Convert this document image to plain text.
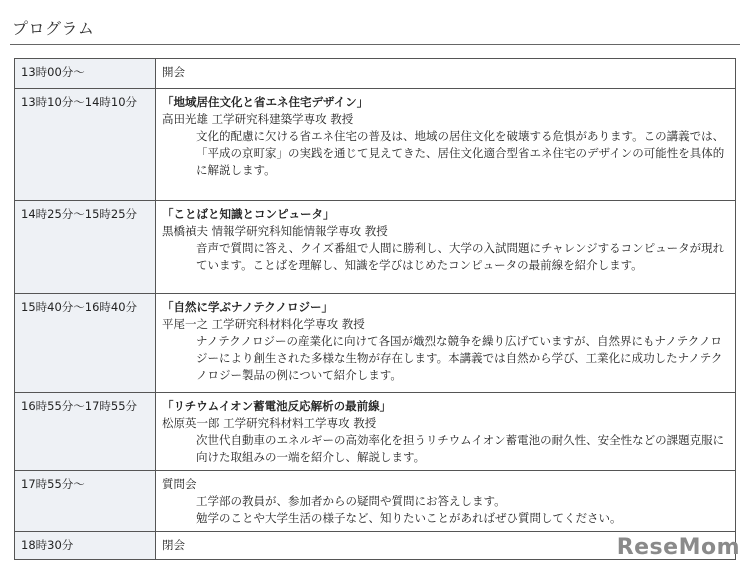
プログラム
13時00分〜	開会

13時10分〜14時10分	「地域居住文化と省エネ住宅デザイン」
高田光雄 工学研究科建築学専攻 教授
文化的配慮に欠ける省エネ住宅の普及は、地域の居住文化を破壊する危惧があります。この講義では、「平成の京町家」の実践を通じて見えてきた、居住文化適合型省エネ住宅のデザインの可能性を具体的に解説します。

14時25分〜15時25分	「ことばと知識とコンピュータ」
黒橋禎夫 情報学研究科知能情報学専攻 教授
音声で質問に答え、クイズ番組で人間に勝利し、大学の入試問題にチャレンジするコンピュータが現れています。ことばを理解し、知識を学びはじめたコンピュータの最前線を紹介します。

15時40分〜16時40分	「自然に学ぶナノテクノロジー」
平尾一之 工学研究科材料化学専攻 教授
ナノテクノロジーの産業化に向けて各国が熾烈な競争を繰り広げていますが、自然界にもナノテクノロジーにより創生された多様な生物が存在します。本講義では自然から学び、工業化に成功したナノテクノロジー製品の例について紹介します。

16時55分〜17時55分	「リチウムイオン蓄電池反応解析の最前線」
松原英一郎 工学研究科材料工学専攻 教授
次世代自動車のエネルギーの高効率化を担うリチウムイオン蓄電池の耐久性、安全性などの課題克服に向けた取組みの一端を紹介し、解説します。

17時55分〜	質問会
工学部の教員が、参加者からの疑問や質問にお答えします。
勉学のことや大学生活の様子など、知りたいことがあればぜひ質問してください。

18時30分	閉会	ReseMom
